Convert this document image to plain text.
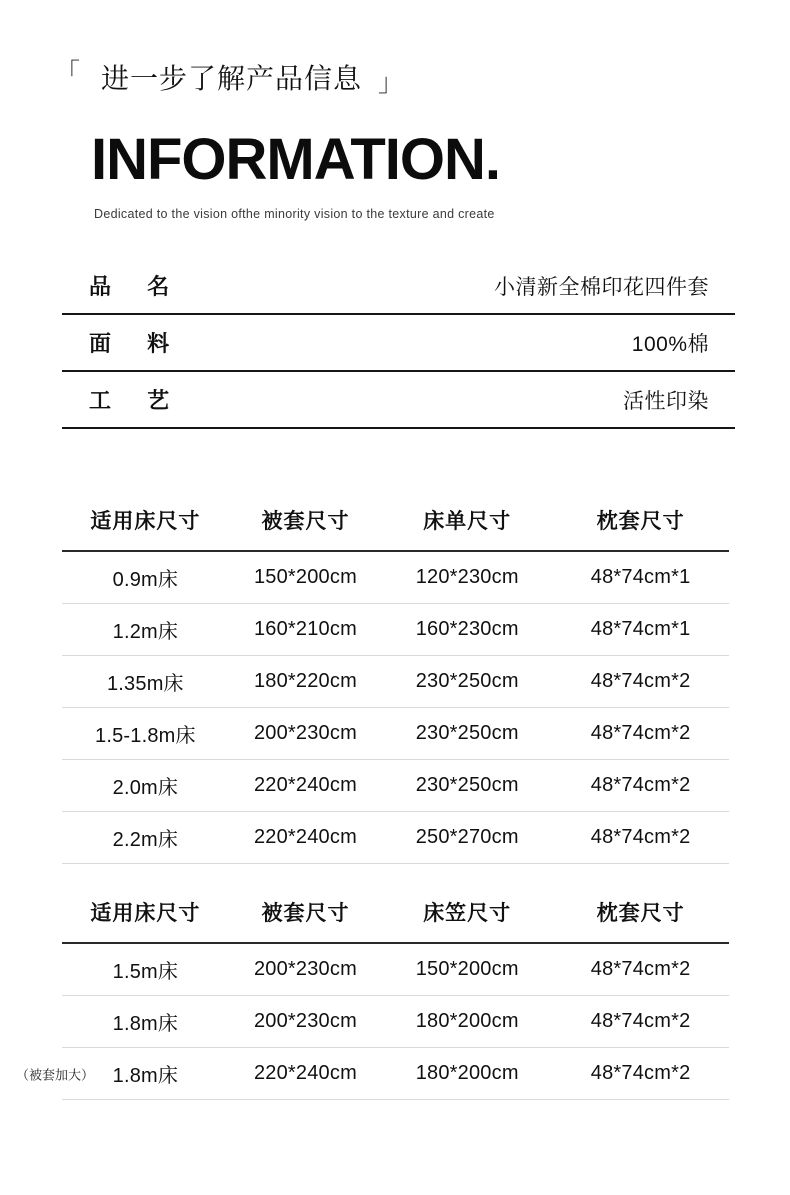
「 进一步了解产品信息 」
INFORMATION.

Dedicated to the vision ofthe minority vision to the texture and create

品 名	小清新全棉印花四件套
面 料	100%棉
工 艺	活性印染
适用床尺寸	被套尺寸	床单尺寸	枕套尺寸
0.9m床	150*200cm	120*230cm	48*74cm*1
1.2m床	160*210cm	160*230cm	48*74cm*1
1.35m床	180*220cm	230*250cm	48*74cm*2
1.5-1.8m床	200*230cm	230*250cm	48*74cm*2
2.0m床	220*240cm	230*250cm	48*74cm*2
2.2m床	220*240cm	250*270cm	48*74cm*2
适用床尺寸	被套尺寸	床笠尺寸	枕套尺寸
1.5m床	200*230cm	150*200cm	48*74cm*2
1.8m床	200*230cm	180*200cm	48*74cm*2
（被套加大） 1.8m床	220*240cm	180*200cm	48*74cm*2
